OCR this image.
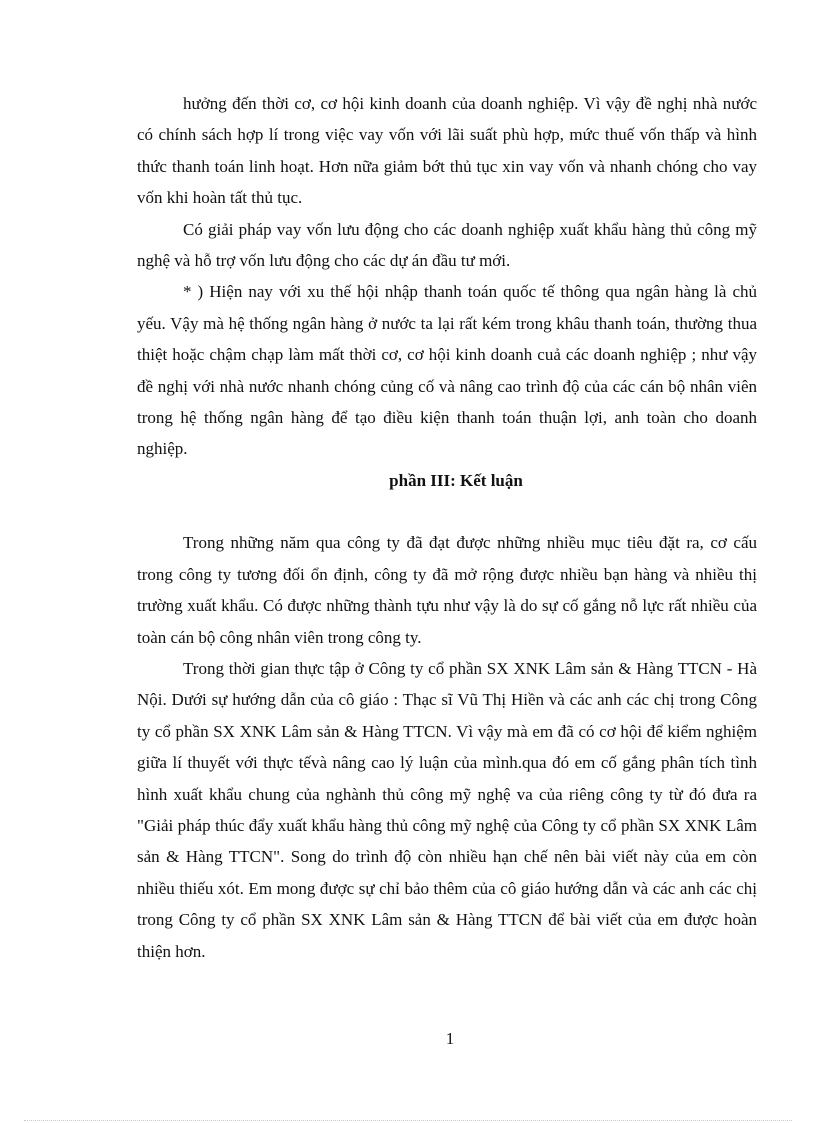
hưởng đến thời cơ, cơ hội kinh doanh của doanh nghiệp. Vì vậy đề nghị nhà nước có chính sách hợp lí trong việc vay vốn với lãi suất phù hợp, mức thuế vốn thấp và hình thức thanh toán linh hoạt. Hơn nữa giảm bớt thủ tục xin vay vốn và nhanh chóng cho vay vốn khi hoàn tất thủ tục.

Có giải pháp vay vốn lưu động cho các doanh nghiệp xuất khẩu hàng thủ công mỹ nghệ và hỗ trợ vốn lưu động cho các dự án đầu tư mới.

* ) Hiện nay với xu thế hội nhập thanh toán quốc tế thông qua ngân hàng là chủ yếu. Vậy mà hệ thống ngân hàng ở nước ta lại rất kém trong khâu thanh toán, thường thua thiệt hoặc chậm chạp làm mất thời cơ, cơ hội kinh doanh cuả các doanh nghiệp ; như vậy đề nghị với nhà nước nhanh chóng củng cố và nâng cao trình độ của các cán bộ nhân viên trong hệ thống ngân hàng để tạo điều kiện thanh toán thuận lợi, anh toàn cho doanh nghiệp.

phần III: Kết luận

Trong những năm qua công ty đã đạt được những nhiều mục tiêu đặt ra, cơ cấu trong công ty tương đối ổn định, công ty đã mở rộng được nhiều bạn hàng và nhiều thị trường xuất khẩu. Có được những thành tựu như vậy là do sự cố gắng nỗ lực rất nhiều của toàn cán bộ công nhân viên trong công ty.

Trong thời gian thực tập ở Công ty cổ phần SX XNK Lâm sản & Hàng TTCN - Hà Nội. Dưới sự hướng dẫn của cô giáo : Thạc sĩ Vũ Thị Hiền và các anh các chị trong Công ty cổ phần SX XNK Lâm sản & Hàng TTCN. Vì vậy mà em đã có cơ hội để kiểm nghiệm giữa lí thuyết với thực tếvà nâng cao lý luận của mình.qua đó em cố gắng phân tích tình hình xuất khẩu chung của nghành thủ công mỹ nghệ va của riêng công ty từ đó đưa ra "Giải pháp thúc đẩy xuất khẩu hàng thủ công mỹ nghệ của Công ty cổ phần SX XNK Lâm sản & Hàng TTCN". Song do trình độ còn nhiều hạn chế nên bài viết này của em còn nhiều thiếu xót. Em mong được sự chỉ bảo thêm của cô giáo hướng dẫn và các anh các chị trong Công ty cổ phần SX XNK Lâm sản & Hàng TTCN để bài viết của em được hoàn thiện hơn.

1
